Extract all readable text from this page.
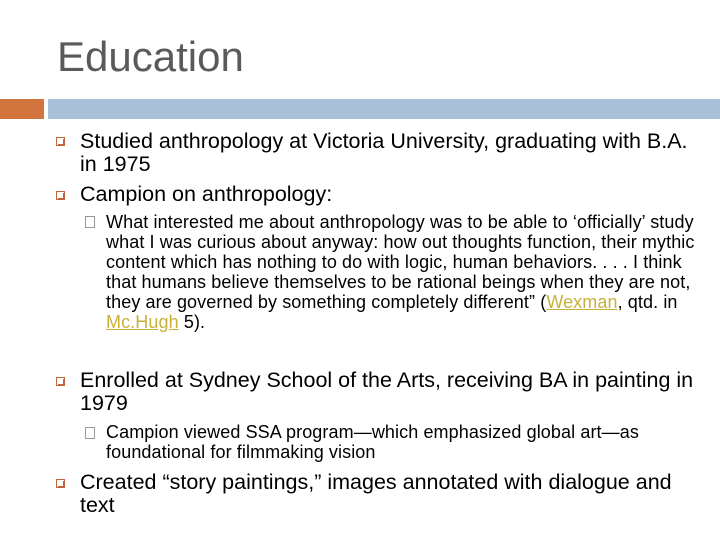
Education
Studied anthropology at Victoria University, graduating with B.A. in 1975
Campion on anthropology:
What interested me about anthropology was to be able to ‘officially’ study what I was curious about anyway: how out thoughts function, their mythic content which has nothing to do with logic, human behaviors. . . . I think that humans believe themselves to be rational beings when they are not, they are governed by something completely different” (Wexman, qtd. in Mc.Hugh 5).
Enrolled at Sydney School of the Arts, receiving BA in painting in 1979
Campion viewed SSA program—which emphasized global art—as foundational for filmmaking vision
Created “story paintings,” images annotated with dialogue and text
